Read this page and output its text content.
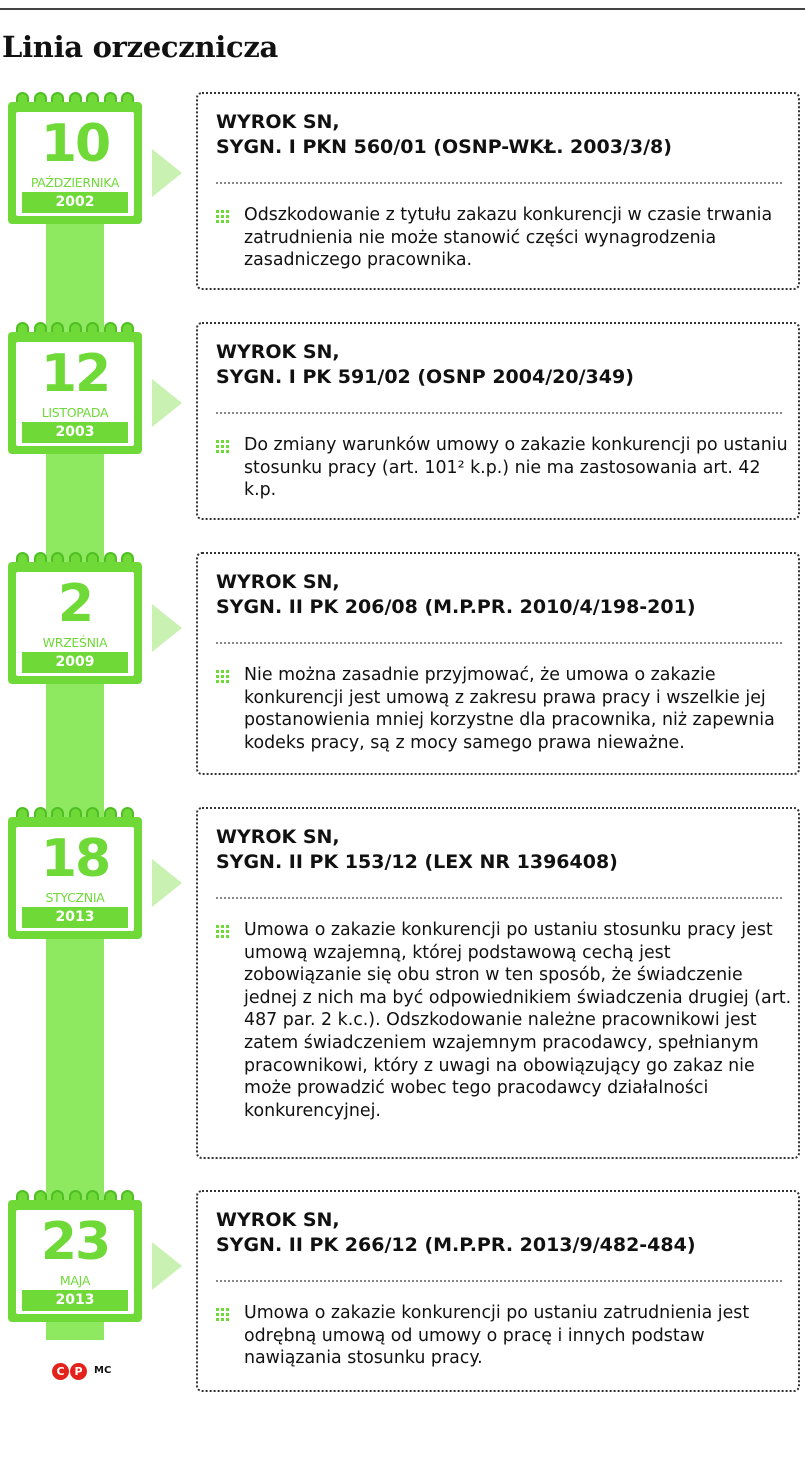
Linia orzecznicza
10
PAŹDZIERNIKA
2002
WYROK SN,
SYGN. I PKN 560/01 (OSNP-WKŁ. 2003/3/8)
Odszkodowanie z tytułu zakazu konkurencji w czasie trwania zatrudnienia nie może stanowić części wynagrodzenia zasadniczego pracownika.
12
LISTOPADA
2003
WYROK SN,
SYGN. I PK 591/02 (OSNP 2004/20/349)
Do zmiany warunków umowy o zakazie konkurencji po ustaniu stosunku pracy (art. 101² k.p.) nie ma zastosowania art. 42 k.p.
2
WRZEŚNIA
2009
WYROK SN,
SYGN. II PK 206/08 (M.P.PR. 2010/4/198-201)
Nie można zasadnie przyjmować, że umowa o zakazie konkurencji jest umową z zakresu prawa pracy i wszelkie jej postanowienia mniej korzystne dla pracownika, niż zapewnia kodeks pracy, są z mocy samego prawa nieważne.
18
STYCZNIA
2013
WYROK SN,
SYGN. II PK 153/12 (LEX NR 1396408)
Umowa o zakazie konkurencji po ustaniu stosunku pracy jest umową wzajemną, której podstawową cechą jest zobowiązanie się obu stron w ten sposób, że świadczenie jednej z nich ma być odpowiednikiem świadczenia drugiej (art. 487 par. 2 k.c.). Odszkodowanie należne pracownikowi jest zatem świadczeniem wzajemnym pracodawcy, spełnianym pracownikowi, który z uwagi na obowiązujący go zakaz nie może prowadzić wobec tego pracodawcy działalności konkurencyjnej.
23
MAJA
2013
WYROK SN,
SYGN. II PK 266/12 (M.P.PR. 2013/9/482-484)
Umowa o zakazie konkurencji po ustaniu zatrudnienia jest odrębną umową od umowy o pracę i innych podstaw nawiązania stosunku pracy.
C P	MC
